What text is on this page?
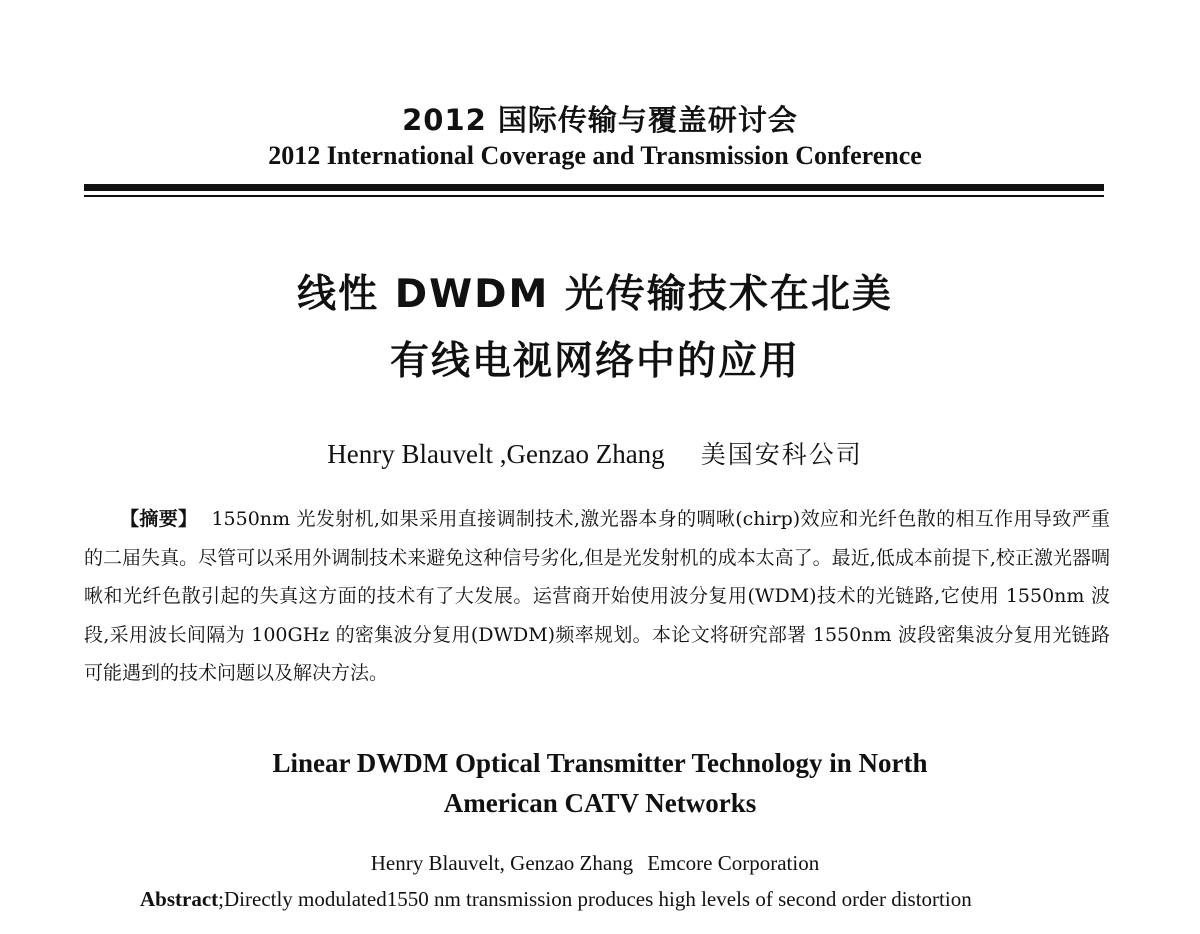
2012 国际传输与覆盖研讨会
2012 International Coverage and Transmission Conference
线性 DWDM 光传输技术在北美
有线电视网络中的应用
Henry Blauvelt ,Genzao Zhang 美国安科公司
【摘要】 1550nm 光发射机,如果采用直接调制技术,激光器本身的啁啾(chirp)效应和光纤色散的相互作用导致严重的二届失真。尽管可以采用外调制技术来避免这种信号劣化,但是光发射机的成本太高了。最近,低成本前提下,校正激光器啁啾和光纤色散引起的失真这方面的技术有了大发展。运营商开始使用波分复用(WDM)技术的光链路,它使用 1550nm 波段,采用波长间隔为 100GHz 的密集波分复用(DWDM)频率规划。本论文将研究部署 1550nm 波段密集波分复用光链路可能遇到的技术问题以及解决方法。
Linear DWDM Optical Transmitter Technology in North
American CATV Networks
Henry Blauvelt, Genzao Zhang Emcore Corporation
Abstract;Directly modulated1550 nm transmission produces high levels of second order distortion
